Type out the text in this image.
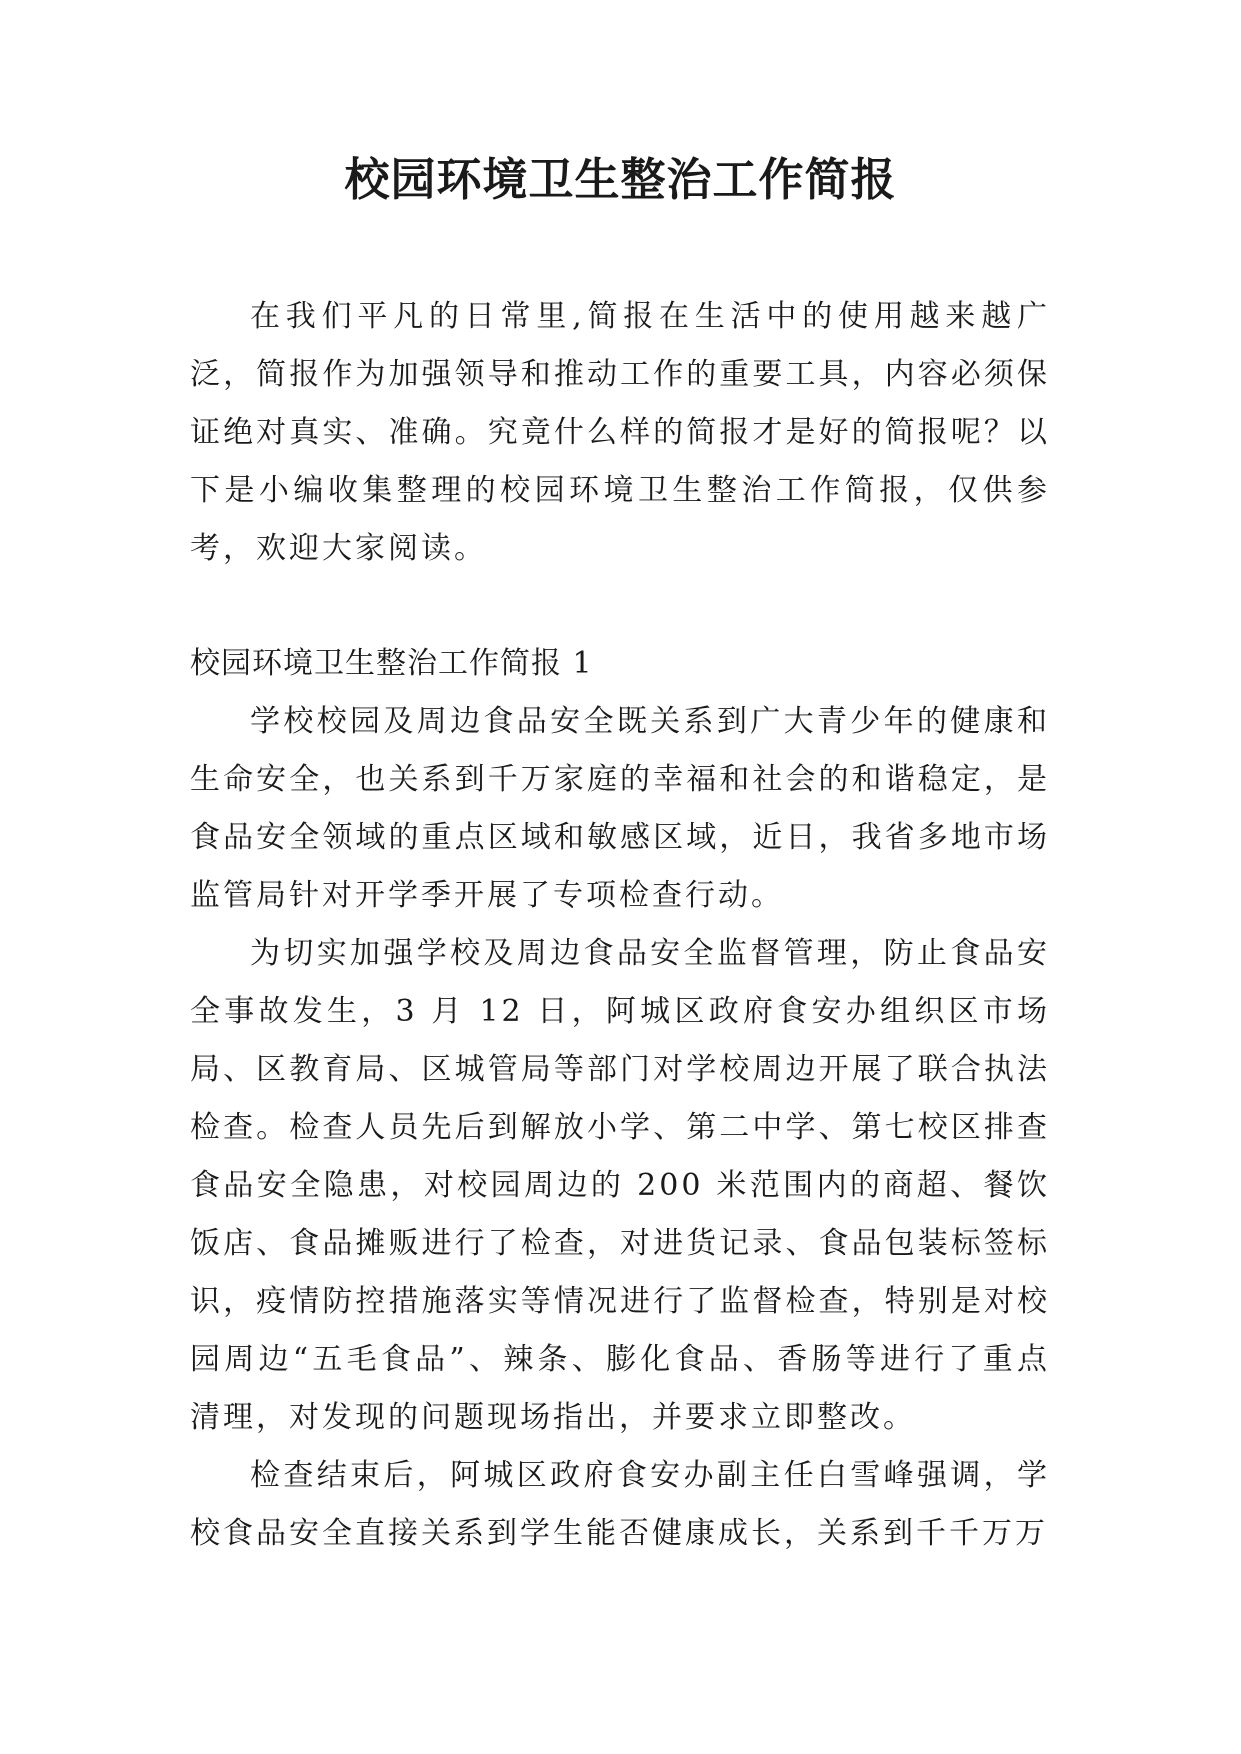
校园环境卫生整治工作简报

在我们平凡的日常里,简报在生活中的使用越来越广泛，简报作为加强领导和推动工作的重要工具，内容必须保证绝对真实、准确。究竟什么样的简报才是好的简报呢？以下是小编收集整理的校园环境卫生整治工作简报，仅供参考，欢迎大家阅读。

校园环境卫生整治工作简报 1

学校校园及周边食品安全既关系到广大青少年的健康和生命安全，也关系到千万家庭的幸福和社会的和谐稳定，是食品安全领域的重点区域和敏感区域，近日，我省多地市场监管局针对开学季开展了专项检查行动。

为切实加强学校及周边食品安全监督管理，防止食品安全事故发生，3 月 12 日，阿城区政府食安办组织区市场局、区教育局、区城管局等部门对学校周边开展了联合执法检查。检查人员先后到解放小学、第二中学、第七校区排查食品安全隐患，对校园周边的 200 米范围内的商超、餐饮饭店、食品摊贩进行了检查，对进货记录、食品包装标签标识，疫情防控措施落实等情况进行了监督检查，特别是对校园周边“五毛食品”、辣条、膨化食品、香肠等进行了重点清理，对发现的问题现场指出，并要求立即整改。

检查结束后，阿城区政府食安办副主任白雪峰强调，学校食品安全直接关系到学生能否健康成长，关系到千千万万
